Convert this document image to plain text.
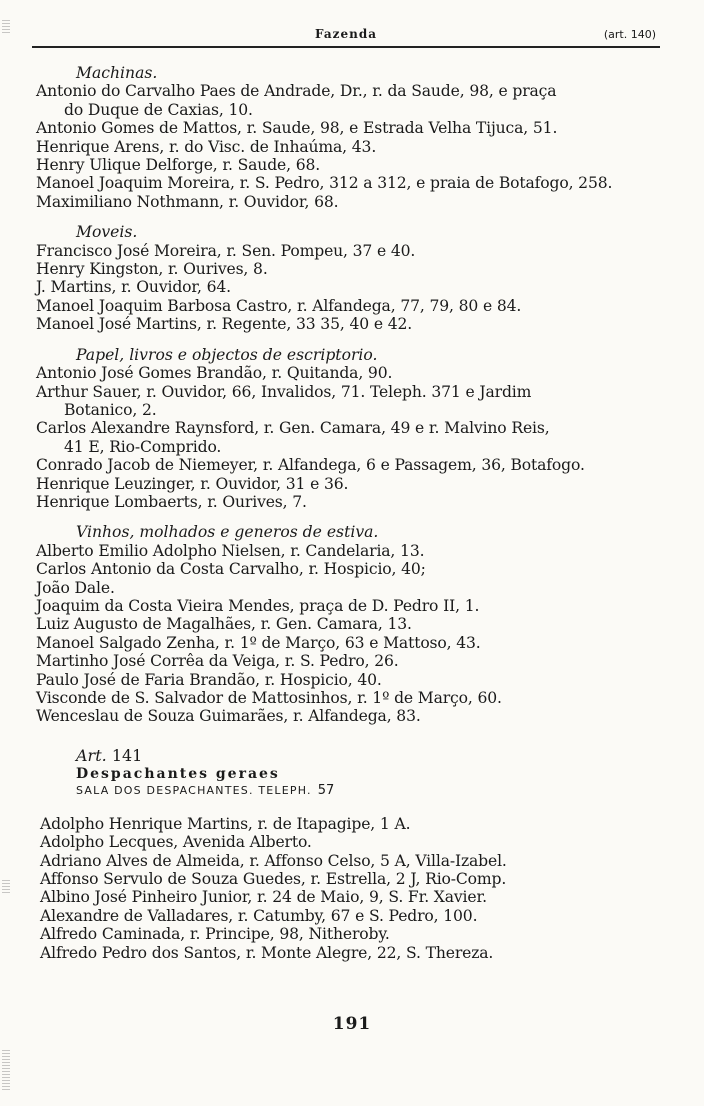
Fazenda	(art. 140)
Machinas.
Antonio do Carvalho Paes de Andrade, Dr., r. da Saude, 98, e praça
do Duque de Caxias, 10.
Antonio Gomes de Mattos, r. Saude, 98, e Estrada Velha Tijuca, 51.
Henrique Arens, r. do Visc. de Inhaúma, 43.
Henry Ulique Delforge, r. Saude, 68.
Manoel Joaquim Moreira, r. S. Pedro, 312 a 312, e praia de Botafogo, 258.
Maximiliano Nothmann, r. Ouvidor, 68.
Moveis.
Francisco José Moreira, r. Sen. Pompeu, 37 e 40.
Henry Kingston, r. Ourives, 8.
J. Martins, r. Ouvidor, 64.
Manoel Joaquim Barbosa Castro, r. Alfandega, 77, 79, 80 e 84.
Manoel José Martins, r. Regente, 33 35, 40 e 42.
Papel, livros e objectos de escriptorio.
Antonio José Gomes Brandão, r. Quitanda, 90.
Arthur Sauer, r. Ouvidor, 66, Invalidos, 71. Teleph. 371 e Jardim
Botanico, 2.
Carlos Alexandre Raynsford, r. Gen. Camara, 49 e r. Malvino Reis,
41 E, Rio-Comprido.
Conrado Jacob de Niemeyer, r. Alfandega, 6 e Passagem, 36, Botafogo.
Henrique Leuzinger, r. Ouvidor, 31 e 36.
Henrique Lombaerts, r. Ourives, 7.
Vinhos, molhados e generos de estiva.
Alberto Emilio Adolpho Nielsen, r. Candelaria, 13.
Carlos Antonio da Costa Carvalho, r. Hospicio, 40;
João Dale.
Joaquim da Costa Vieira Mendes, praça de D. Pedro II, 1.
Luiz Augusto de Magalhães, r. Gen. Camara, 13.
Manoel Salgado Zenha, r. 1º de Março, 63 e Mattoso, 43.
Martinho José Corrêa da Veiga, r. S. Pedro, 26.
Paulo José de Faria Brandão, r. Hospicio, 40.
Visconde de S. Salvador de Mattosinhos, r. 1º de Março, 60.
Wenceslau de Souza Guimarães, r. Alfandega, 83.
Art. 141
Despachantes geraes
SALA DOS DESPACHANTES. TELEPH. 57
Adolpho Henrique Martins, r. de Itapagipe, 1 A.
Adolpho Lecques, Avenida Alberto.
Adriano Alves de Almeida, r. Affonso Celso, 5 A, Villa-Izabel.
Affonso Servulo de Souza Guedes, r. Estrella, 2 J, Rio-Comp.
Albino José Pinheiro Junior, r. 24 de Maio, 9, S. Fr. Xavier.
Alexandre de Valladares, r. Catumby, 67 e S. Pedro, 100.
Alfredo Caminada, r. Principe, 98, Nitheroby.
Alfredo Pedro dos Santos, r. Monte Alegre, 22, S. Thereza.
191
